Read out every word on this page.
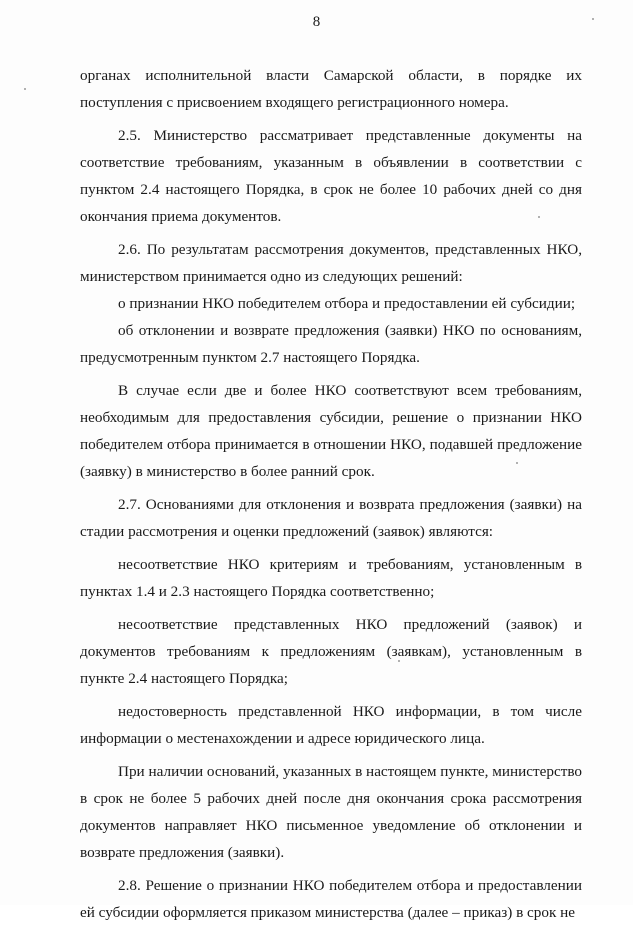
8

органах исполнительной власти Самарской области, в порядке их поступления с присвоением входящего регистрационного номера.

2.5. Министерство рассматривает представленные документы на соответствие требованиям, указанным в объявлении в соответствии с пунктом 2.4 настоящего Порядка, в срок не более 10 рабочих дней со дня окончания приема документов.

2.6. По результатам рассмотрения документов, представленных НКО, министерством принимается одно из следующих решений:

о признании НКО победителем отбора и предоставлении ей субсидии;

об отклонении и возврате предложения (заявки) НКО по основаниям, предусмотренным пунктом 2.7 настоящего Порядка.

В случае если две и более НКО соответствуют всем требованиям, необходимым для предоставления субсидии, решение о признании НКО победителем отбора принимается в отношении НКО, подавшей предложение (заявку) в министерство в более ранний срок.

2.7. Основаниями для отклонения и возврата предложения (заявки) на стадии рассмотрения и оценки предложений (заявок) являются:

несоответствие НКО критериям и требованиям, установленным в пунктах 1.4 и 2.3 настоящего Порядка соответственно;

несоответствие представленных НКО предложений (заявок) и документов требованиям к предложениям (заявкам), установленным в пункте 2.4 настоящего Порядка;

недостоверность представленной НКО информации, в том числе информации о местенахождении и адресе юридического лица.

При наличии оснований, указанных в настоящем пункте, министерство в срок не более 5 рабочих дней после дня окончания срока рассмотрения документов направляет НКО письменное уведомление об отклонении и возврате предложения (заявки).

2.8. Решение о признании НКО победителем отбора и предоставлении ей субсидии оформляется приказом министерства (далее – приказ) в срок не
